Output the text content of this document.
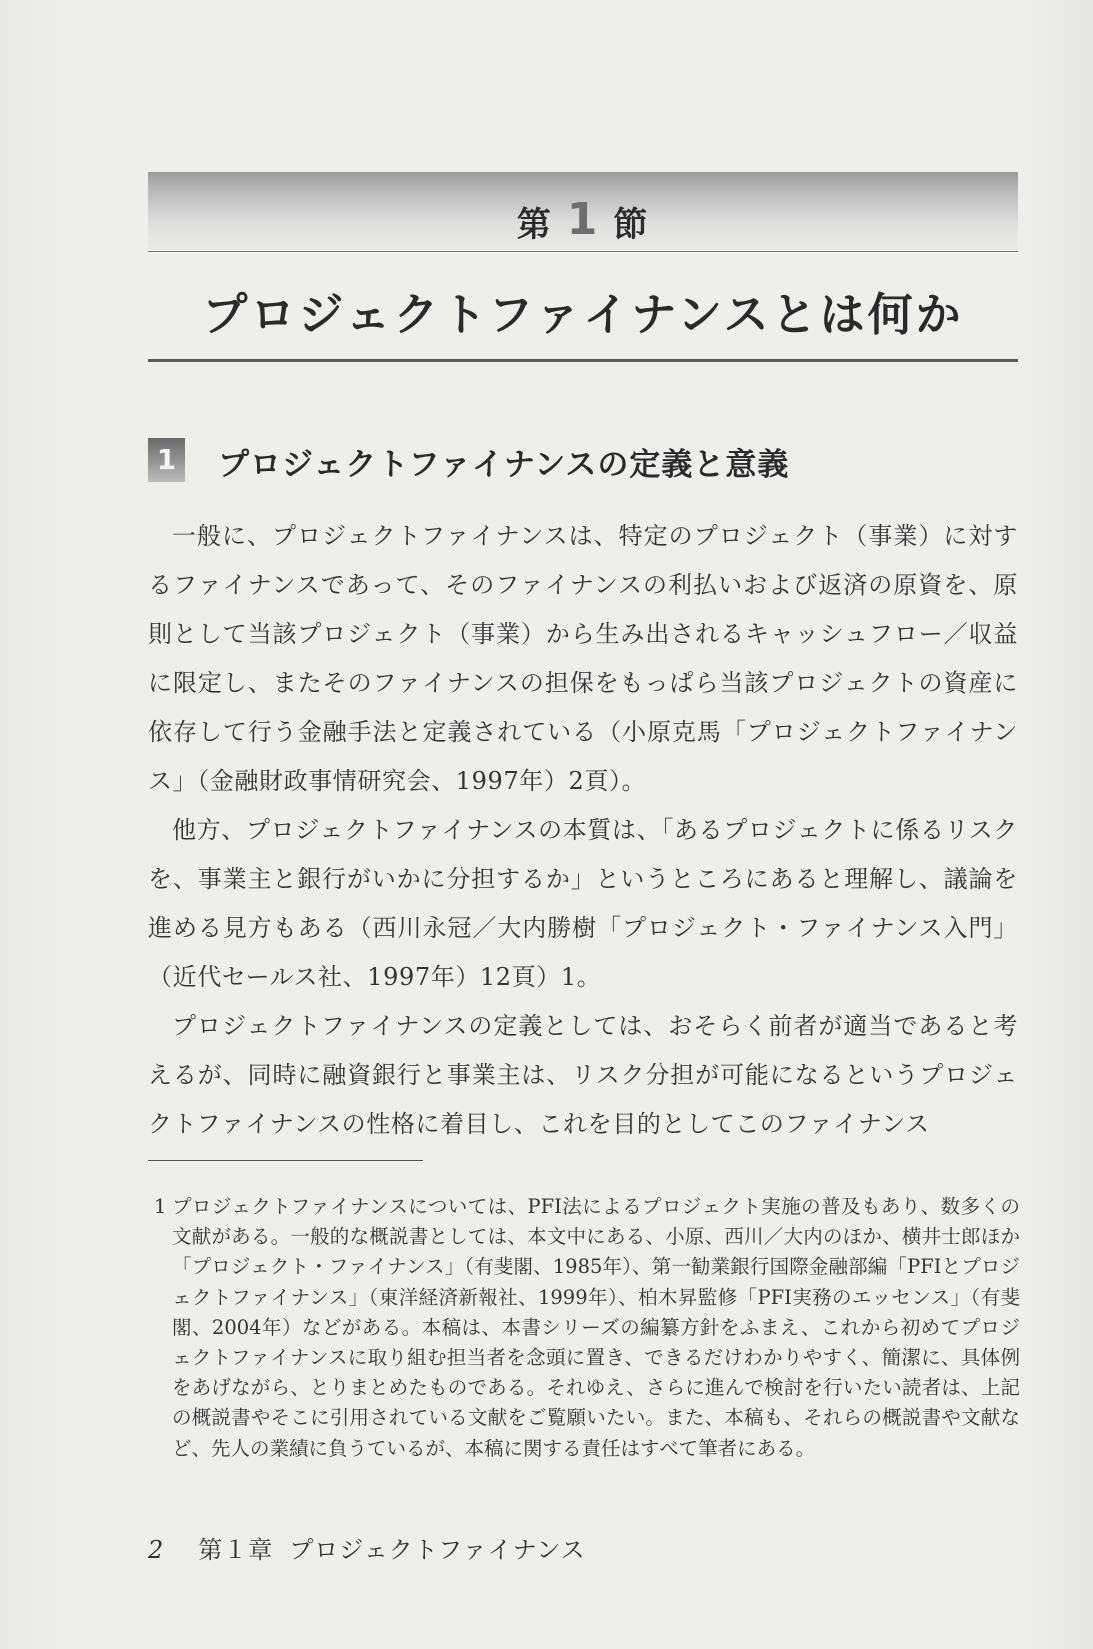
第 1 節
プロジェクトファイナンスとは何か
1 プロジェクトファイナンスの定義と意義

一般に、プロジェクトファイナンスは、特定のプロジェクト（事業）に対するファイナンスであって、そのファイナンスの利払いおよび返済の原資を、原則として当該プロジェクト（事業）から生み出されるキャッシュフロー／収益に限定し、またそのファイナンスの担保をもっぱら当該プロジェクトの資産に依存して行う金融手法と定義されている（小原克馬「プロジェクトファイナンス」（金融財政事情研究会、1997年）2頁）。

他方、プロジェクトファイナンスの本質は、「あるプロジェクトに係るリスクを、事業主と銀行がいかに分担するか」というところにあると理解し、議論を進める見方もある（西川永冠／大内勝樹「プロジェクト・ファイナンス入門」（近代セールス社、1997年）12頁）1。

プロジェクトファイナンスの定義としては、おそらく前者が適当であると考えるが、同時に融資銀行と事業主は、リスク分担が可能になるというプロジェクトファイナンスの性格に着目し、これを目的としてこのファイナンス

1 プロジェクトファイナンスについては、PFI法によるプロジェクト実施の普及もあり、数多くの文献がある。一般的な概説書としては、本文中にある、小原、西川／大内のほか、横井士郎ほか「プロジェクト・ファイナンス」（有斐閣、1985年）、第一勧業銀行国際金融部編「PFIとプロジェクトファイナンス」（東洋経済新報社、1999年）、柏木昇監修「PFI実務のエッセンス」（有斐閣、2004年）などがある。本稿は、本書シリーズの編纂方針をふまえ、これから初めてプロジェクトファイナンスに取り組む担当者を念頭に置き、できるだけわかりやすく、簡潔に、具体例をあげながら、とりまとめたものである。それゆえ、さらに進んで検討を行いたい読者は、上記の概説書やそこに引用されている文献をご覧願いたい。また、本稿も、それらの概説書や文献など、先人の業績に負うているが、本稿に関する責任はすべて筆者にある。
2 第１章 プロジェクトファイナンス
